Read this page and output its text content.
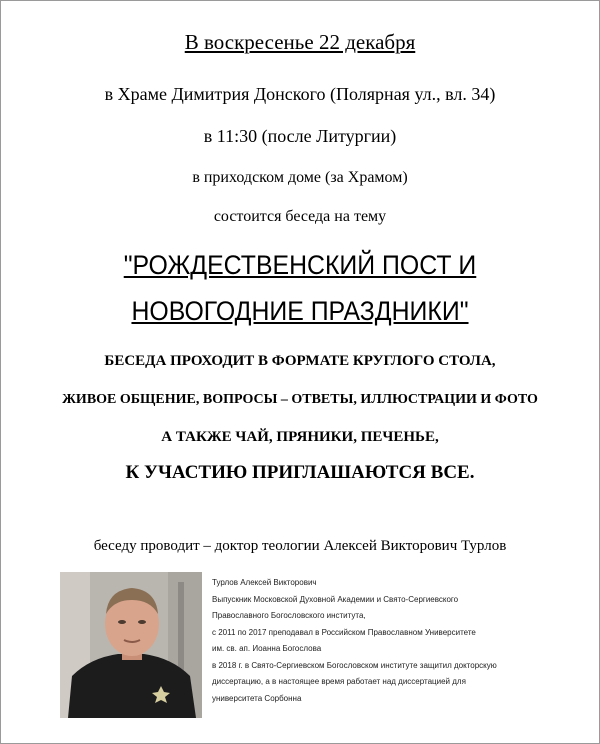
В воскресенье 22 декабря
в Храме Димитрия Донского (Полярная ул., вл. 34)
в 11:30 (после Литургии)
в приходском доме (за Храмом)
состоится беседа на тему
"РОЖДЕСТВЕНСКИЙ ПОСТ И
НОВОГОДНИЕ ПРАЗДНИКИ"
БЕСЕДА ПРОХОДИТ В ФОРМАТЕ КРУГЛОГО СТОЛА,
ЖИВОЕ ОБЩЕНИЕ, ВОПРОСЫ – ОТВЕТЫ, ИЛЛЮСТРАЦИИ И ФОТО
А ТАКЖЕ ЧАЙ, ПРЯНИКИ, ПЕЧЕНЬЕ,
К УЧАСТИЮ ПРИГЛАШАЮТСЯ ВСЕ.
беседу проводит – доктор теологии Алексей Викторович Турлов
Турлов Алексей Викторович
Выпускник Московской Духовной Академии и Свято-Сергиевского
Православного Богословского института,
с 2011 по 2017 преподавал в Российском Православном Университете
им. св. ап. Иоанна Богослова
в 2018 г. в Свято-Сергиевском Богословском институте защитил докторскую
диссертацию, а в настоящее время работает над диссертацией для
университета Сорбонна
